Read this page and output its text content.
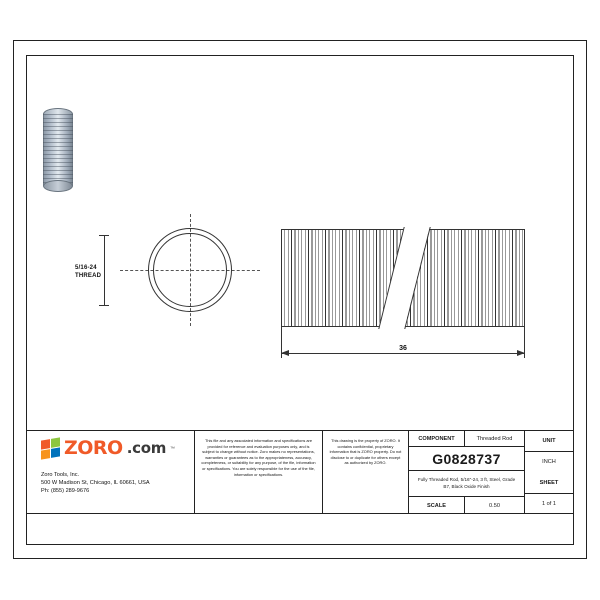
5/16-24
THREAD
36
ZORO .com ™
Zoro Tools, Inc.
500 W Madison St, Chicago, IL 60661, USA
Ph: (855) 289-9676
This file and any associated information and specifications are provided for reference and evaluation purposes only, and is subject to change without notice. Zoro makes no representations, warranties or guarantees as to the appropriateness, accuracy, completeness, or suitability for any purpose, of the file, information or specifications. You are solely responsible for the use of the file, information or specifications.
This drawing is the property of ZORO. It contains confidential, proprietary information that is ZORO property. Do not disclose to or duplicate for others except as authorized by ZORO.
COMPONENT	Threaded Rod
G0828737
Fully Threaded Rod, 5/16"-24, 3 ft, Steel, Grade B7, Black Oxide Finish
SCALE	0.50
UNIT
INCH
SHEET
1 of 1
